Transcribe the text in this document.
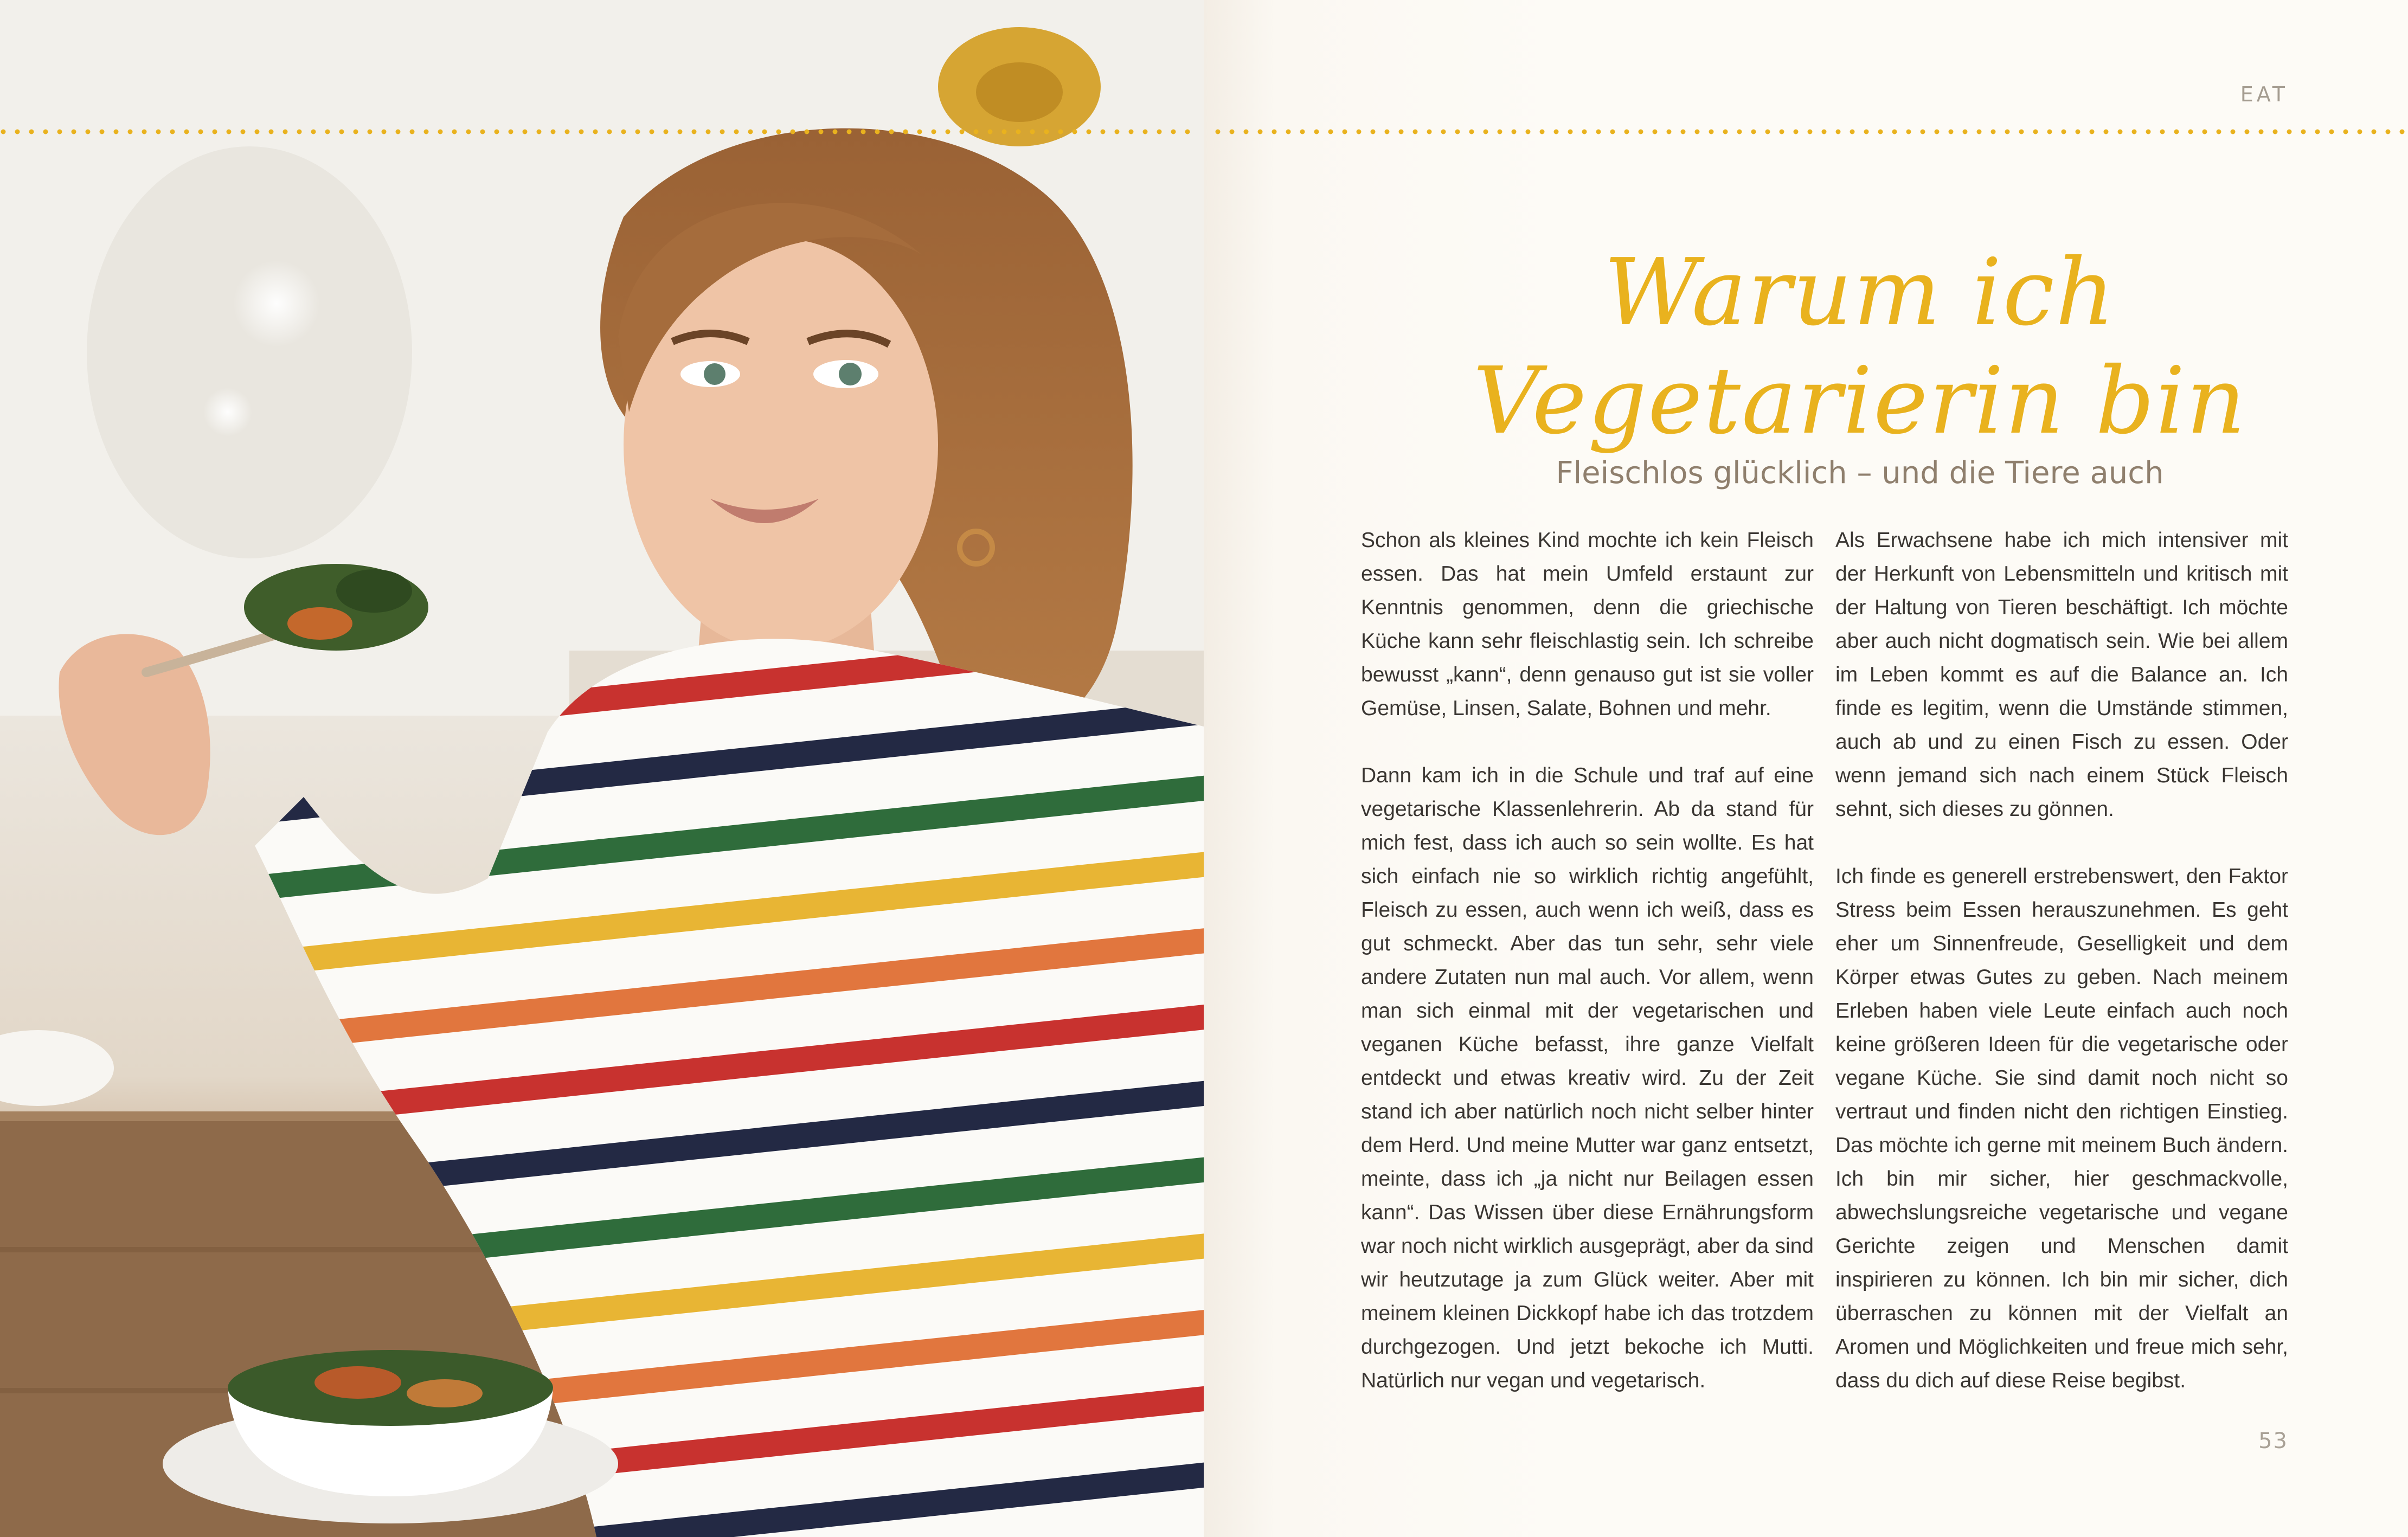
EAT
Warum ich
Vegetarierin bin
Fleischlos glücklich – und die Tiere auch

Schon als kleines Kind mochte ich kein Fleisch essen. Das hat mein Umfeld erstaunt zur Kenntnis genommen, denn die griechische Küche kann sehr fleischlastig sein. Ich schreibe bewusst „kann“, denn genauso gut ist sie voller Gemüse, Linsen, Salate, Bohnen und mehr.

Dann kam ich in die Schule und traf auf eine vegetarische Klassenlehrerin. Ab da stand für mich fest, dass ich auch so sein wollte. Es hat sich einfach nie so wirklich richtig angefühlt, Fleisch zu essen, auch wenn ich weiß, dass es gut schmeckt. Aber das tun sehr, sehr viele andere Zutaten nun mal auch. Vor allem, wenn man sich einmal mit der vegetarischen und veganen Küche befasst, ihre ganze Vielfalt entdeckt und etwas kreativ wird. Zu der Zeit stand ich aber natürlich noch nicht selber hinter dem Herd. Und meine Mutter war ganz entsetzt, meinte, dass ich „ja nicht nur Beilagen essen kann“. Das Wissen über diese Ernährungsform war noch nicht wirklich ausgeprägt, aber da sind wir heutzutage ja zum Glück weiter. Aber mit meinem kleinen Dickkopf habe ich das trotzdem durchgezogen. Und jetzt bekoche ich Mutti. Natürlich nur vegan und vegetarisch.

Als Erwachsene habe ich mich intensiver mit der Herkunft von Lebensmitteln und kritisch mit der Haltung von Tieren beschäftigt. Ich möchte aber auch nicht dogmatisch sein. Wie bei allem im Leben kommt es auf die Balance an. Ich finde es legitim, wenn die Umstände stimmen, auch ab und zu einen Fisch zu essen. Oder wenn jemand sich nach einem Stück Fleisch sehnt, sich dieses zu gönnen.

Ich finde es generell erstrebenswert, den Faktor Stress beim Essen herauszunehmen. Es geht eher um Sinnenfreude, Geselligkeit und dem Körper etwas Gutes zu geben. Nach meinem Erleben haben viele Leute einfach auch noch keine größeren Ideen für die vegetarische oder vegane Küche. Sie sind damit noch nicht so vertraut und finden nicht den richtigen Einstieg. Das möchte ich gerne mit meinem Buch ändern. Ich bin mir sicher, hier geschmackvolle, abwechslungsreiche vegetarische und vegane Gerichte zeigen und Menschen damit inspirieren zu können. Ich bin mir sicher, dich überraschen zu können mit der Vielfalt an Aromen und Möglichkeiten und freue mich sehr, dass du dich auf diese Reise begibst.

53
